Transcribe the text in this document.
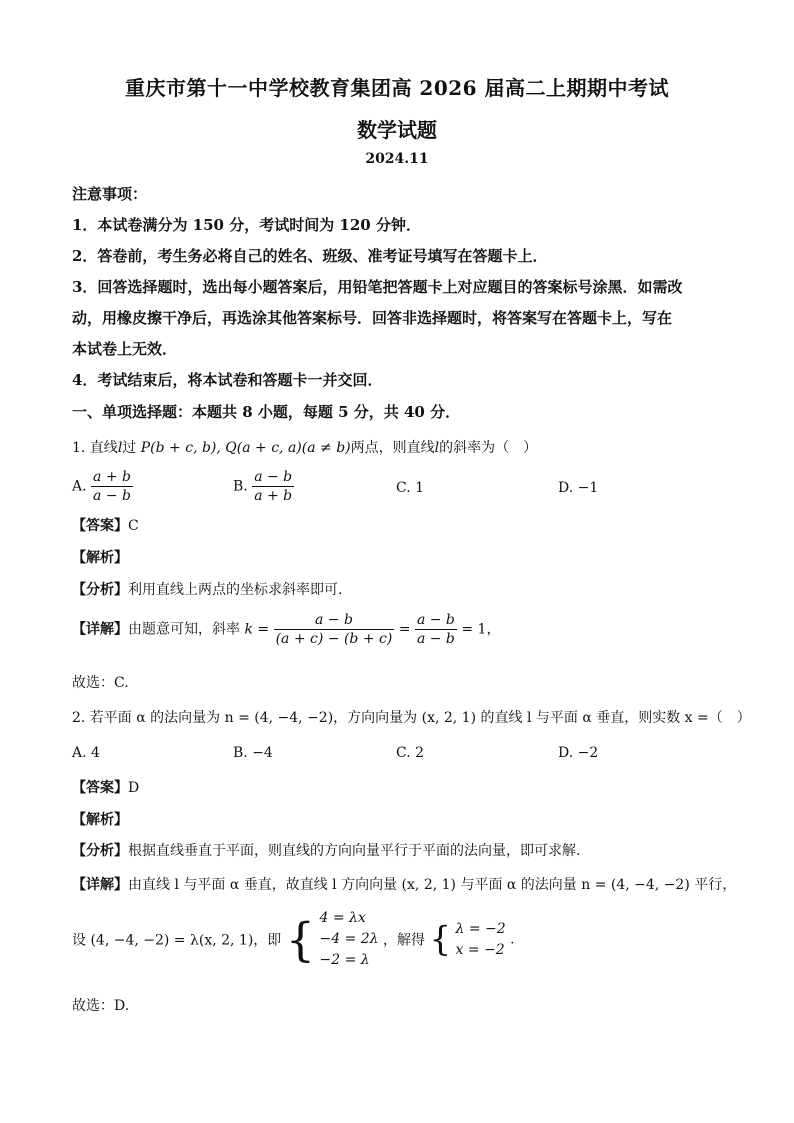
重庆市第十一中学校教育集团高 2026 届高二上期期中考试
数学试题
2024.11
注意事项：
1．本试卷满分为 150 分，考试时间为 120 分钟．
2．答卷前，考生务必将自己的姓名、班级、准考证号填写在答题卡上．
3．回答选择题时，选出每小题答案后，用铅笔把答题卡上对应题目的答案标号涂黑．如需改
动，用橡皮擦干净后，再选涂其他答案标号．回答非选择题时，将答案写在答题卡上，写在
本试卷上无效．
4．考试结束后，将本试卷和答题卡一并交回．
一、单项选择题：本题共 8 小题，每题 5 分，共 40 分．
1. 直线l过 P(b + c, b), Q(a + c, a)(a ≠ b)两点，则直线l的斜率为（　）
A. $\frac{a + b}{a - b}$	B. $\frac{a - b}{a + b}$	C. 1	D. −1
【答案】C
【解析】
【分析】利用直线上两点的坐标求斜率即可.
【详解】由题意可知，斜率 $k = \frac{a - b}{(a + c) - (b + c)} = \frac{a - b}{a - b} = 1$，
故选：C.
2. 若平面 α 的法向量为 n = (4, −4, −2)，方向向量为 (x, 2, 1) 的直线 l 与平面 α 垂直，则实数 x =（　）
A. 4	B. −4	C. 2	D. −2
【答案】D
【解析】
【分析】根据直线垂直于平面，则直线的方向向量平行于平面的法向量，即可求解.
【详解】由直线 l 与平面 α 垂直，故直线 l 方向向量 (x, 2, 1) 与平面 α 的法向量 n = (4, −4, −2) 平行，
设 (4, −4, −2) = λ(x, 2, 1)，即 { 4 = λx
−4 = 2λ
−2 = λ
，解得 { λ = −2
x = −2
.
故选：D.
